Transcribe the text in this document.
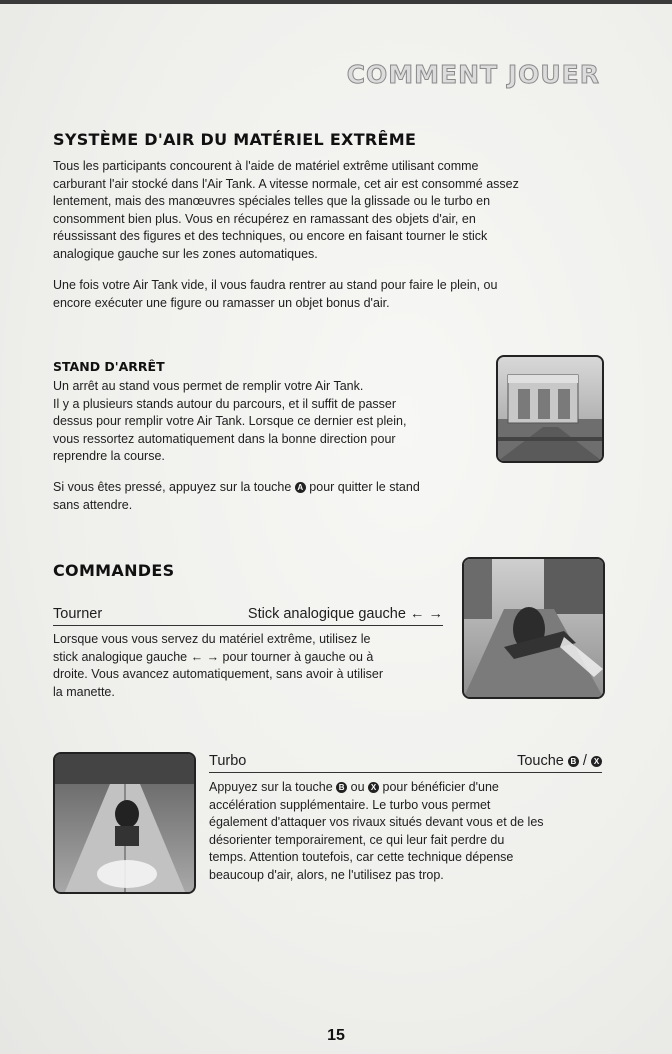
COMMENT JOUER
SYSTÈME D'AIR DU MATÉRIEL EXTRÊME

Tous les participants concourent à l'aide de matériel extrême utilisant comme
carburant l'air stocké dans l'Air Tank. A vitesse normale, cet air est consommé assez
lentement, mais des manœuvres spéciales telles que la glissade ou le turbo en
consomment bien plus. Vous en récupérez en ramassant des objets d'air, en
réussissant des figures et des techniques, ou encore en faisant tourner le stick
analogique gauche sur les zones automatiques.

Une fois votre Air Tank vide, il vous faudra rentrer au stand pour faire le plein, ou
encore exécuter une figure ou ramasser un objet bonus d'air.

STAND D'ARRÊT

Un arrêt au stand vous permet de remplir votre Air Tank.
Il y a plusieurs stands autour du parcours, et il suffit de passer
dessus pour remplir votre Air Tank. Lorsque ce dernier est plein,
vous ressortez automatiquement dans la bonne direction pour
reprendre la course.

Si vous êtes pressé, appuyez sur la touche A pour quitter le stand
sans attendre.

COMMANDES
Tourner	Stick analogique gauche ← →

Lorsque vous vous servez du matériel extrême, utilisez le
stick analogique gauche ← → pour tourner à gauche ou à
droite. Vous avancez automatiquement, sans avoir à utiliser
la manette.

Turbo	Touche B / X

Appuyez sur la touche B ou X pour bénéficier d'une
accélération supplémentaire. Le turbo vous permet
également d'attaquer vos rivaux situés devant vous et de les
désorienter temporairement, ce qui leur fait perdre du
temps. Attention toutefois, car cette technique dépense
beaucoup d'air, alors, ne l'utilisez pas trop.

15
